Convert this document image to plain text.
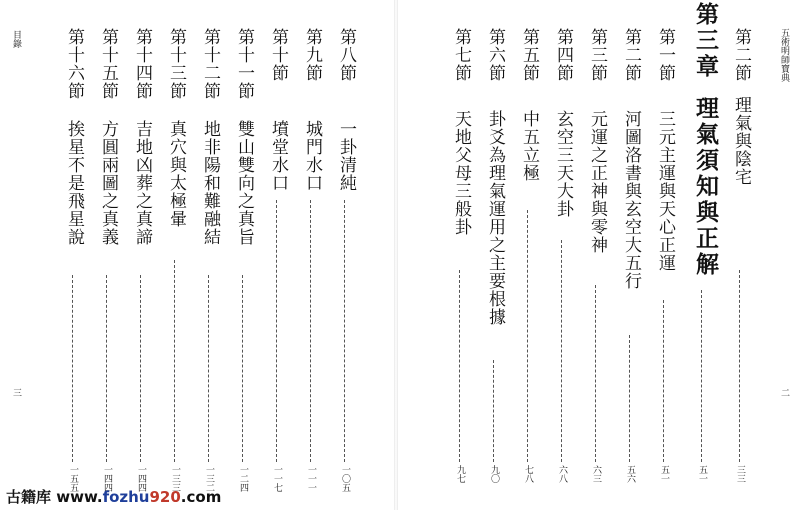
目錄
三
第八節
一卦清純
一〇五
第九節
城門水口
一一一
第十節
墳堂水口
一一七
第十一節
雙山雙向之真旨
一二四
第十二節
地非陽和難融結
一三二
第十三節
真穴與太極暈
一三三
第十四節
吉地凶葬之真諦
一四四
第十五節
方圓兩圖之真義
一四四
第十六節
挨星不是飛星說
一五五
五術明師寶典
二
第二節
理氣與陰宅
三三
第三章
理氣須知與正解
五一
第一節
三元主運與天心正運
五一
第二節
河圖洛書與玄空大五行
五六
第三節
元運之正神與零神
六三
第四節
玄空三天大卦
六八
第五節
中五立極
七八
第六節
卦爻為理氣運用之主要根據
九〇
第七節
天地父母三般卦
九七
古籍库 www.fozhu920.com
